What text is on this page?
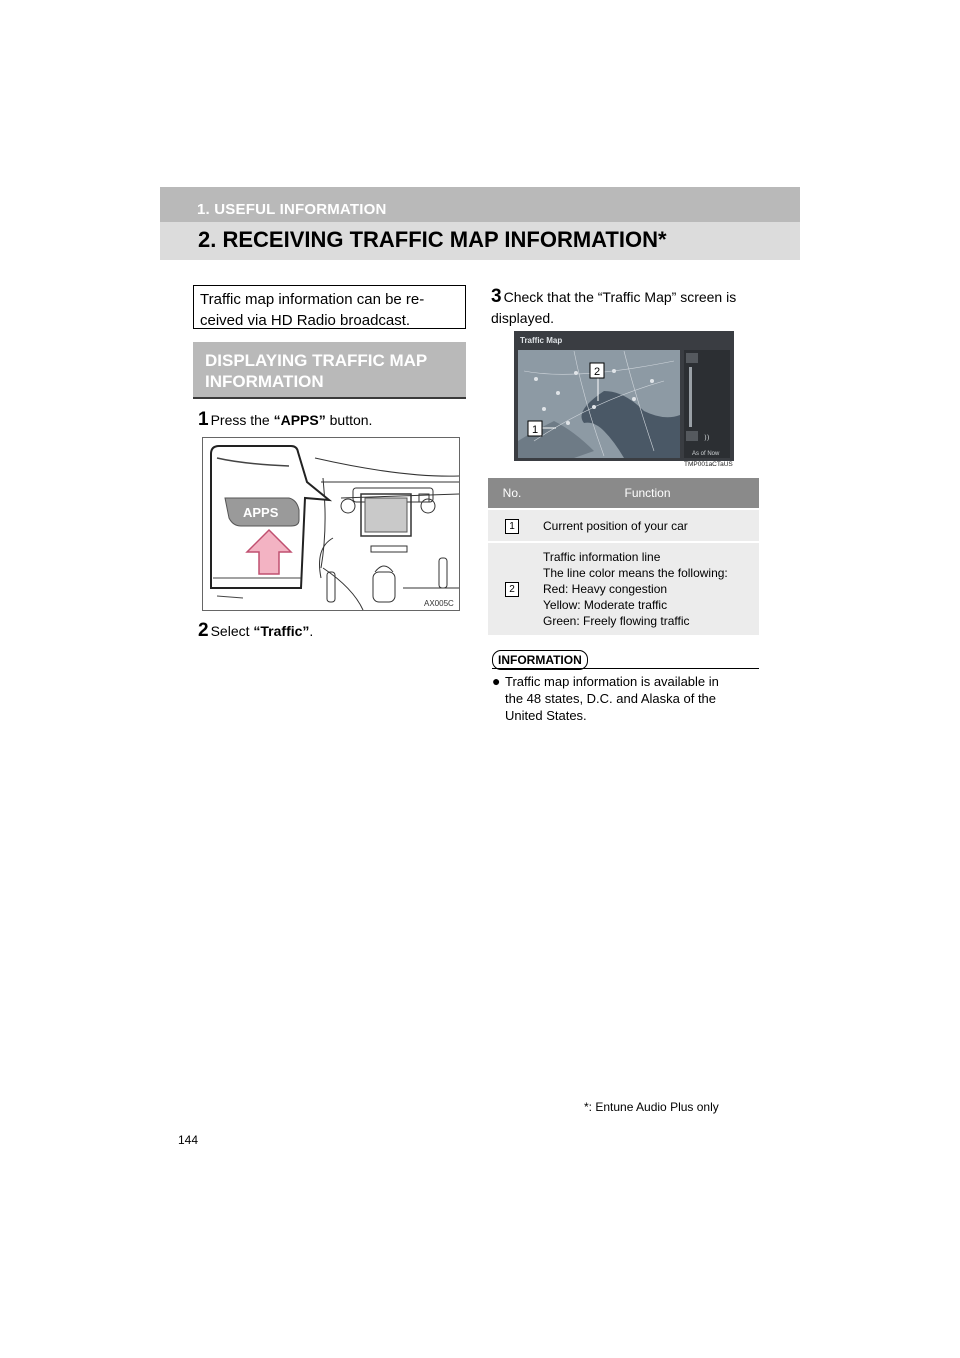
1. USEFUL INFORMATION
2. RECEIVING TRAFFIC MAP INFORMATION*
Traffic map information can be re-
ceived via HD Radio broadcast.
DISPLAYING TRAFFIC MAP
INFORMATION
1 Press the “APPS” button.
APPS
AX005C
2 Select “Traffic”.
3 Check that the “Traffic Map” screen is displayed.
Traffic Map
))
As of Now
2
1
TMP001aCTaUS
No.	Function
1	Current position of your car

2	Traffic information line
The line color means the following:
Red: Heavy congestion
Yellow: Moderate traffic
Green: Freely flowing traffic
INFORMATION
● Traffic map information is available in
the 48 states, D.C. and Alaska of the
United States.
*: Entune Audio Plus only
144
